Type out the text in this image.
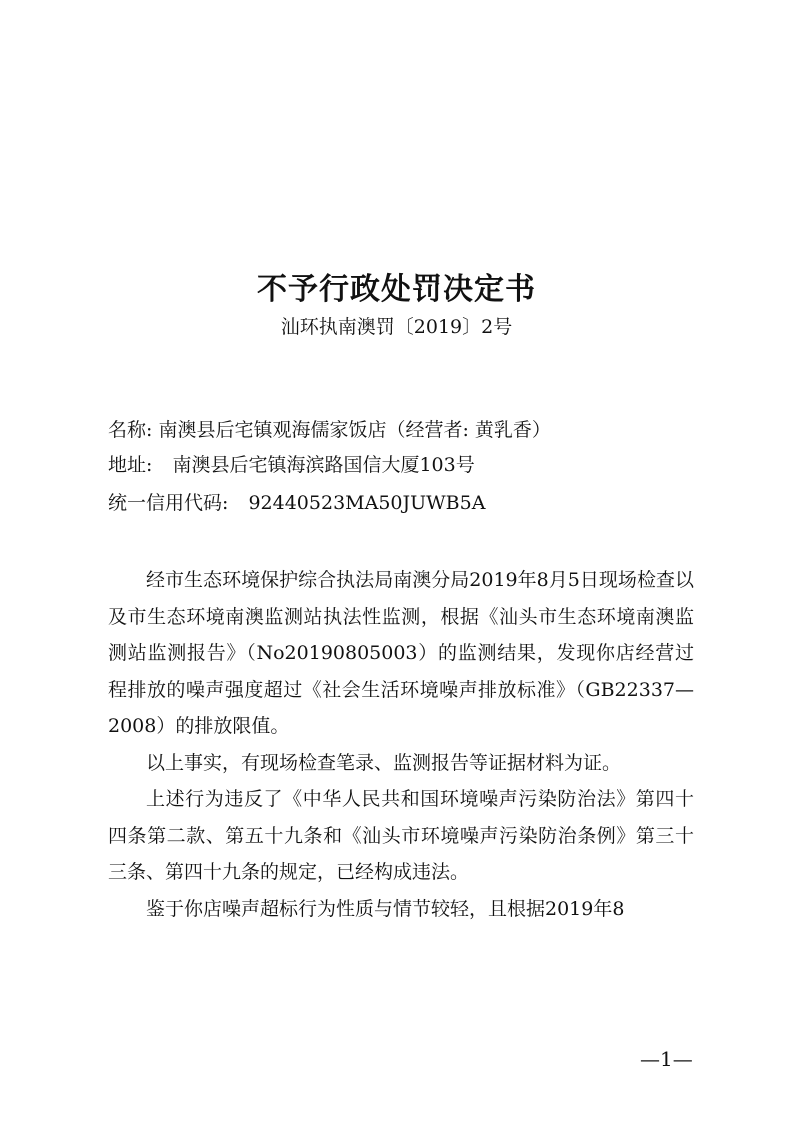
不予行政处罚决定书
汕环执南澳罚〔2019〕2号
名称: 南澳县后宅镇观海儒家饭店（经营者: 黄乳香）
地址: 南澳县后宅镇海滨路国信大厦103号
统一信用代码: 92440523MA50JUWB5A

经市生态环境保护综合执法局南澳分局2019年8月5日现场检查以及市生态环境南澳监测站执法性监测，根据《汕头市生态环境南澳监测站监测报告》（No20190805003）的监测结果，发现你店经营过程排放的噪声强度超过《社会生活环境噪声排放标准》（GB22337—2008）的排放限值。

以上事实，有现场检查笔录、监测报告等证据材料为证。

上述行为违反了《中华人民共和国环境噪声污染防治法》第四十四条第二款、第五十九条和《汕头市环境噪声污染防治条例》第三十三条、第四十九条的规定，已经构成违法。

鉴于你店噪声超标行为性质与情节较轻，且根据2019年8

—1—
